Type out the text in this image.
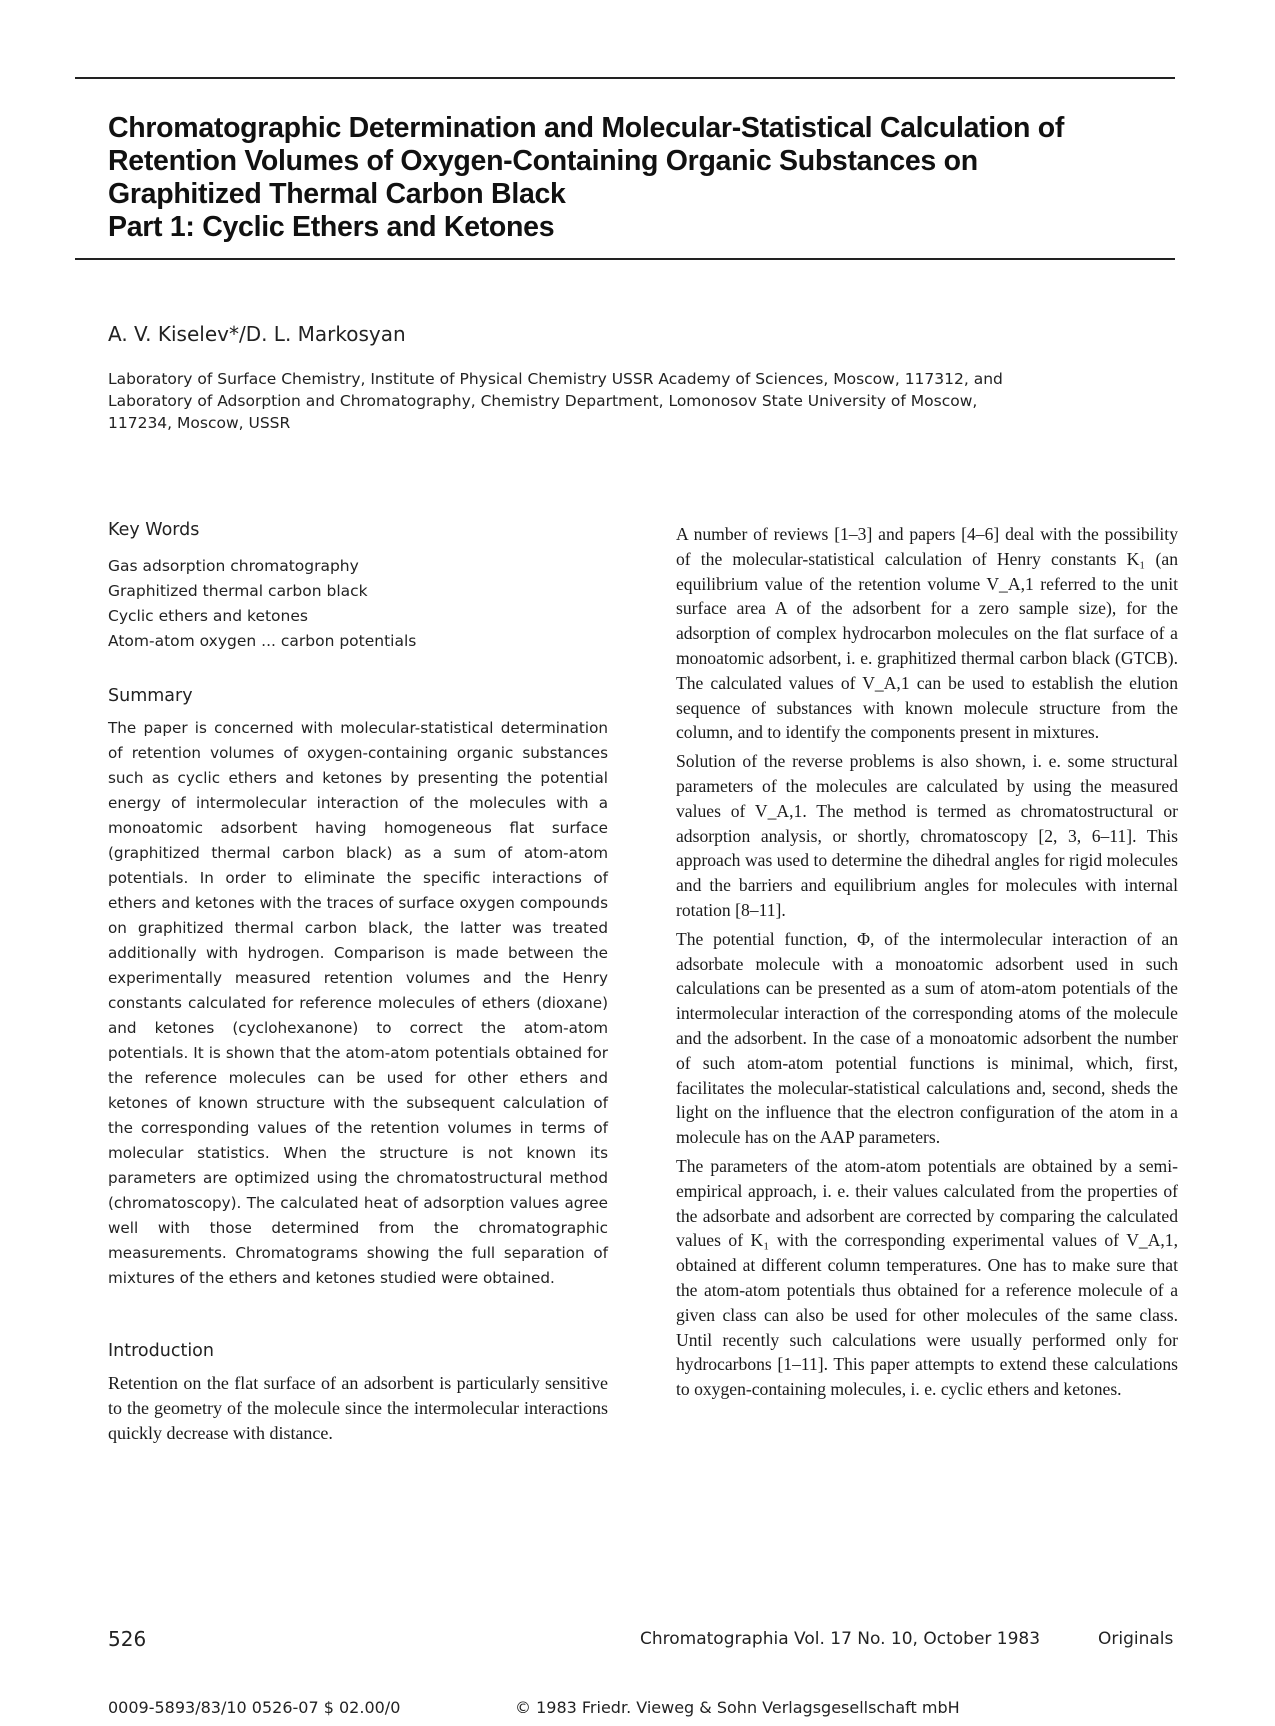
Chromatographic Determination and Molecular-Statistical Calculation of
Retention Volumes of Oxygen-Containing Organic Substances on
Graphitized Thermal Carbon Black
Part 1: Cyclic Ethers and Ketones
A. V. Kiselev*/D. L. Markosyan
Laboratory of Surface Chemistry, Institute of Physical Chemistry USSR Academy of Sciences, Moscow, 117312, and
Laboratory of Adsorption and Chromatography, Chemistry Department, Lomonosov State University of Moscow,
117234, Moscow, USSR
Key Words
Gas adsorption chromatography
Graphitized thermal carbon black
Cyclic ethers and ketones
Atom-atom oxygen ... carbon potentials
Summary

The paper is concerned with molecular-statistical determination of retention volumes of oxygen-containing organic substances such as cyclic ethers and ketones by presenting the potential energy of intermolecular interaction of the molecules with a monoatomic adsorbent having homogeneous flat surface (graphitized thermal carbon black) as a sum of atom-atom potentials. In order to eliminate the specific interactions of ethers and ketones with the traces of surface oxygen compounds on graphitized thermal carbon black, the latter was treated additionally with hydrogen. Comparison is made between the experimentally measured retention volumes and the Henry constants calculated for reference molecules of ethers (dioxane) and ketones (cyclohexanone) to correct the atom-atom potentials. It is shown that the atom-atom potentials obtained for the reference molecules can be used for other ethers and ketones of known structure with the subsequent calculation of the corresponding values of the retention volumes in terms of molecular statistics. When the structure is not known its parameters are optimized using the chromatostructural method (chromatoscopy). The calculated heat of adsorption values agree well with those determined from the chromatographic measurements. Chromatograms showing the full separation of mixtures of the ethers and ketones studied were obtained.

Introduction

Retention on the flat surface of an adsorbent is particularly sensitive to the geometry of the molecule since the intermolecular interactions quickly decrease with distance.

A number of reviews [1–3] and papers [4–6] deal with the possibility of the molecular-statistical calculation of Henry constants K₁ (an equilibrium value of the retention volume V_A,1 referred to the unit surface area A of the adsorbent for a zero sample size), for the adsorption of complex hydrocarbon molecules on the flat surface of a monoatomic adsorbent, i. e. graphitized thermal carbon black (GTCB). The calculated values of V_A,1 can be used to establish the elution sequence of substances with known molecule structure from the column, and to identify the components present in mixtures.

Solution of the reverse problems is also shown, i. e. some structural parameters of the molecules are calculated by using the measured values of V_A,1. The method is termed as chromatostructural or adsorption analysis, or shortly, chromatoscopy [2, 3, 6–11]. This approach was used to determine the dihedral angles for rigid molecules and the barriers and equilibrium angles for molecules with internal rotation [8–11].

The potential function, Φ, of the intermolecular interaction of an adsorbate molecule with a monoatomic adsorbent used in such calculations can be presented as a sum of atom-atom potentials of the intermolecular interaction of the corresponding atoms of the molecule and the adsorbent. In the case of a monoatomic adsorbent the number of such atom-atom potential functions is minimal, which, first, facilitates the molecular-statistical calculations and, second, sheds the light on the influence that the electron configuration of the atom in a molecule has on the AAP parameters.

The parameters of the atom-atom potentials are obtained by a semi-empirical approach, i. e. their values calculated from the properties of the adsorbate and adsorbent are corrected by comparing the calculated values of K₁ with the corresponding experimental values of V_A,1, obtained at different column temperatures. One has to make sure that the atom-atom potentials thus obtained for a reference molecule of a given class can also be used for other molecules of the same class. Until recently such calculations were usually performed only for hydrocarbons [1–11]. This paper attempts to extend these calculations to oxygen-containing molecules, i. e. cyclic ethers and ketones.

526	Chromatographia Vol. 17 No. 10, October 1983	Originals
0009-5893/83/10 0526-07 $ 02.00/0	© 1983 Friedr. Vieweg & Sohn Verlagsgesellschaft mbH
